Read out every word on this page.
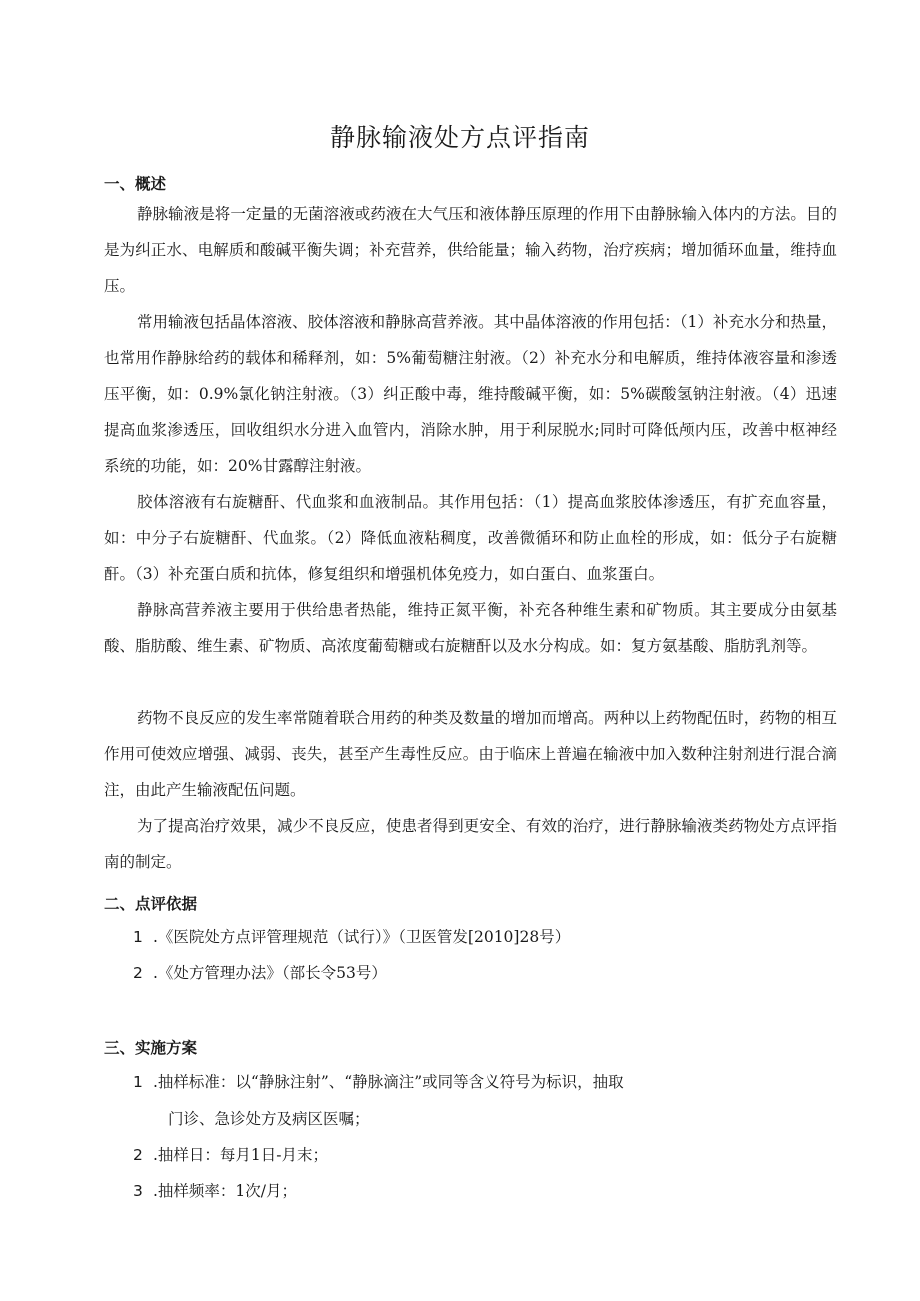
静脉输液处方点评指南
一、概述

静脉输液是将一定量的无菌溶液或药液在大气压和液体静压原理的作用下由静脉输入体内的方法。目的是为纠正水、电解质和酸碱平衡失调；补充营养，供给能量；输入药物，治疗疾病；增加循环血量，维持血压。

常用输液包括晶体溶液、胶体溶液和静脉高营养液。其中晶体溶液的作用包括：（1）补充水分和热量，也常用作静脉给药的载体和稀释剂，如：5%葡萄糖注射液。（2）补充水分和电解质，维持体液容量和渗透压平衡，如：0.9%氯化钠注射液。（3）纠正酸中毒，维持酸碱平衡，如：5%碳酸氢钠注射液。（4）迅速提高血浆渗透压，回收组织水分进入血管内，消除水肿，用于利尿脱水;同时可降低颅内压，改善中枢神经系统的功能，如：20%甘露醇注射液。

胶体溶液有右旋糖酐、代血浆和血液制品。其作用包括：（1）提高血浆胶体渗透压，有扩充血容量，如：中分子右旋糖酐、代血浆。（2）降低血液粘稠度，改善微循环和防止血栓的形成，如：低分子右旋糖酐。（3）补充蛋白质和抗体，修复组织和增强机体免疫力，如白蛋白、血浆蛋白。

静脉高营养液主要用于供给患者热能，维持正氮平衡，补充各种维生素和矿物质。其主要成分由氨基酸、脂肪酸、维生素、矿物质、高浓度葡萄糖或右旋糖酐以及水分构成。如：复方氨基酸、脂肪乳剂等。

药物不良反应的发生率常随着联合用药的种类及数量的增加而增高。两种以上药物配伍时，药物的相互作用可使效应增强、减弱、丧失，甚至产生毒性反应。由于临床上普遍在输液中加入数种注射剂进行混合滴注，由此产生输液配伍问题。

为了提高治疗效果，减少不良反应，使患者得到更安全、有效的治疗，进行静脉输液类药物处方点评指南的制定。

二、点评依据

1 .《医院处方点评管理规范（试行）》（卫医管发[2010]28号）

2 .《处方管理办法》（部长令53号）

三、实施方案

1 .抽样标准：以“静脉注射”、“静脉滴注”或同等含义符号为标识，抽取

门诊、急诊处方及病区医嘱；

2 .抽样日：每月1日-月末；

3 .抽样频率：1次/月；
